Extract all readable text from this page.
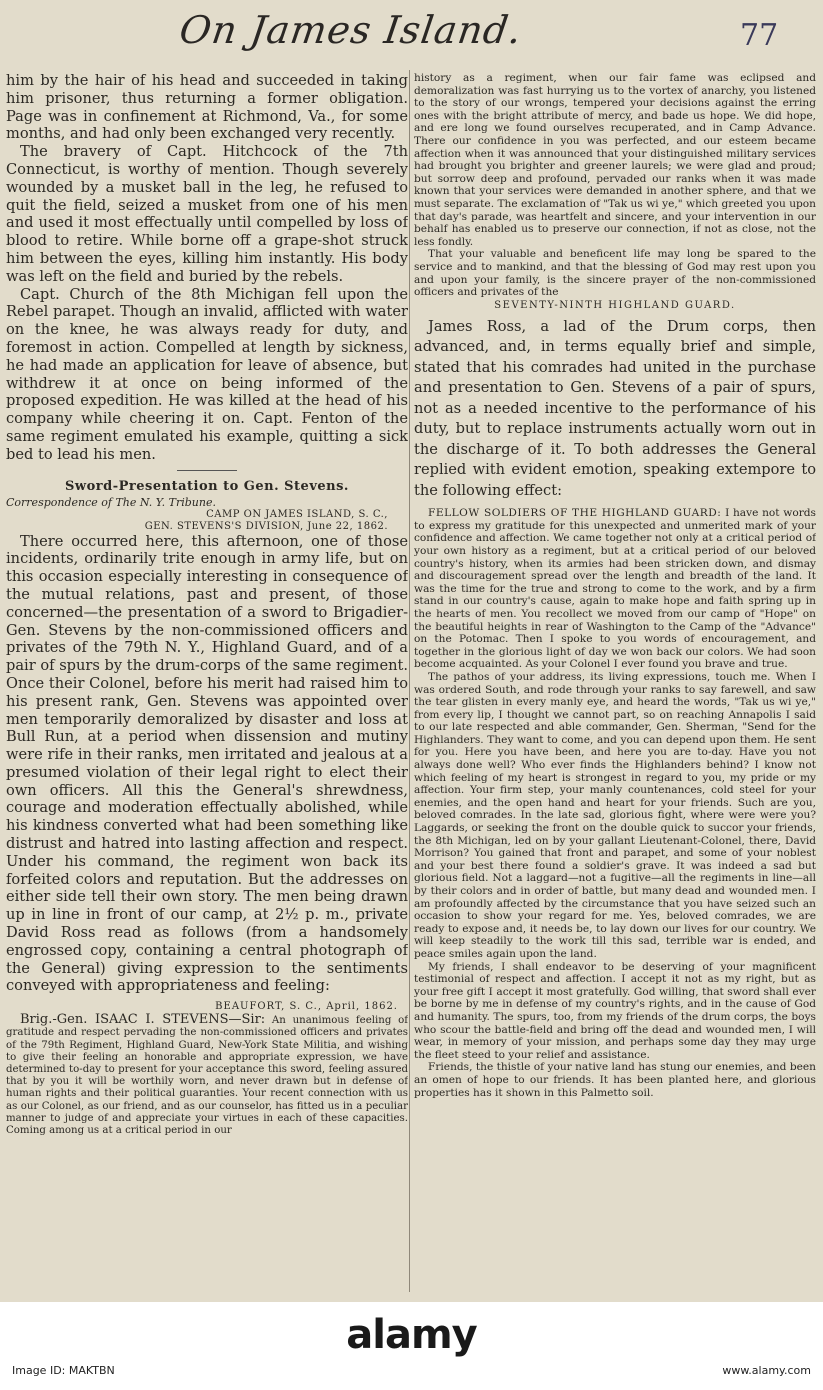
On James Island.	77

him by the hair of his head and succeeded in taking him prisoner, thus returning a former obligation. Page was in confinement at Richmond, Va., for some months, and had only been exchanged very recently.

The bravery of Capt. Hitchcock of the 7th Connecticut, is worthy of mention. Though severely wounded by a musket ball in the leg, he refused to quit the field, seized a musket from one of his men and used it most effectually until compelled by loss of blood to retire. While borne off a grape-shot struck him between the eyes, killing him instantly. His body was left on the field and buried by the rebels.

Capt. Church of the 8th Michigan fell upon the Rebel parapet. Though an invalid, afflicted with water on the knee, he was always ready for duty, and foremost in action. Compelled at length by sickness, he had made an application for leave of absence, but withdrew it at once on being informed of the proposed expedition. He was killed at the head of his company while cheering it on. Capt. Fenton of the same regiment emulated his example, quitting a sick bed to lead his men.

Sword-Presentation to Gen. Stevens.
Correspondence of The N. Y. Tribune.
CAMP ON JAMES ISLAND, S. C.,
GEN. STEVENS'S DIVISION, June 22, 1862.

There occurred here, this afternoon, one of those incidents, ordinarily trite enough in army life, but on this occasion especially interesting in consequence of the mutual relations, past and present, of those concerned—the presentation of a sword to Brigadier-Gen. Stevens by the non-commissioned officers and privates of the 79th N. Y., Highland Guard, and of a pair of spurs by the drum-corps of the same regiment. Once their Colonel, before his merit had raised him to his present rank, Gen. Stevens was appointed over men temporarily demoralized by disaster and loss at Bull Run, at a period when dissension and mutiny were rife in their ranks, men irritated and jealous at a presumed violation of their legal right to elect their own officers. All this the General's shrewdness, courage and moderation effectually abolished, while his kindness converted what had been something like distrust and hatred into lasting affection and respect. Under his command, the regiment won back its forfeited colors and reputation. But the addresses on either side tell their own story. The men being drawn up in line in front of our camp, at 2½ p. m., private David Ross read as follows (from a handsomely engrossed copy, containing a central photograph of the General) giving expression to the sentiments conveyed with appropriateness and feeling:

BEAUFORT, S. C., April, 1862.

Brig.-Gen. ISAAC I. STEVENS—Sir: An unanimous feeling of gratitude and respect pervading the non-commissioned officers and privates of the 79th Regiment, Highland Guard, New-York State Militia, and wishing to give their feeling an honorable and appropriate expression, we have determined to-day to present for your acceptance this sword, feeling assured that by you it will be worthily worn, and never drawn but in defense of human rights and their political guaranties. Your recent connection with us as our Colonel, as our friend, and as our counselor, has fitted us in a peculiar manner to judge of and appreciate your virtues in each of these capacities. Coming among us at a critical period in our

history as a regiment, when our fair fame was eclipsed and demoralization was fast hurrying us to the vortex of anarchy, you listened to the story of our wrongs, tempered your decisions against the erring ones with the bright attribute of mercy, and bade us hope. We did hope, and ere long we found ourselves recuperated, and in Camp Advance. There our confidence in you was perfected, and our esteem became affection when it was announced that your distinguished military services had brought you brighter and greener laurels; we were glad and proud; but sorrow deep and profound, pervaded our ranks when it was made known that your services were demanded in another sphere, and that we must separate. The exclamation of "Tak us wi ye," which greeted you upon that day's parade, was heartfelt and sincere, and your intervention in our behalf has enabled us to preserve our connection, if not as close, not the less fondly.

That your valuable and beneficent life may long be spared to the service and to mankind, and that the blessing of God may rest upon you and upon your family, is the sincere prayer of the non-commissioned officers and privates of the

SEVENTY-NINTH HIGHLAND GUARD.

James Ross, a lad of the Drum corps, then advanced, and, in terms equally brief and simple, stated that his comrades had united in the purchase and presentation to Gen. Stevens of a pair of spurs, not as a needed incentive to the performance of his duty, but to replace instruments actually worn out in the discharge of it. To both addresses the General replied with evident emotion, speaking extempore to the following effect:

FELLOW SOLDIERS OF THE HIGHLAND GUARD: I have not words to express my gratitude for this unexpected and unmerited mark of your confidence and affection. We came together not only at a critical period of your own history as a regiment, but at a critical period of our beloved country's history, when its armies had been stricken down, and dismay and discouragement spread over the length and breadth of the land. It was the time for the true and strong to come to the work, and by a firm stand in our country's cause, again to make hope and faith spring up in the hearts of men. You recollect we moved from our camp of "Hope" on the beautiful heights in rear of Washington to the Camp of the "Advance" on the Potomac. Then I spoke to you words of encouragement, and together in the glorious light of day we won back our colors. We had soon become acquainted. As your Colonel I ever found you brave and true.

The pathos of your address, its living expressions, touch me. When I was ordered South, and rode through your ranks to say farewell, and saw the tear glisten in every manly eye, and heard the words, "Tak us wi ye," from every lip, I thought we cannot part, so on reaching Annapolis I said to our late respected and able commander, Gen. Sherman, "Send for the Highlanders. They want to come, and you can depend upon them. He sent for you. Here you have been, and here you are to-day. Have you not always done well? Who ever finds the Highlanders behind? I know not which feeling of my heart is strongest in regard to you, my pride or my affection. Your firm step, your manly countenances, cold steel for your enemies, and the open hand and heart for your friends. Such are you, beloved comrades. In the late sad, glorious fight, where were were you? Laggards, or seeking the front on the double quick to succor your friends, the 8th Michigan, led on by your gallant Lieutenant-Colonel, there, David Morrison? You gained that front and parapet, and some of your noblest and your best there found a soldier's grave. It was indeed a sad but glorious field. Not a laggard—not a fugitive—all the regiments in line—all by their colors and in order of battle, but many dead and wounded men. I am profoundly affected by the circumstance that you have seized such an occasion to show your regard for me. Yes, beloved comrades, we are ready to expose and, it needs be, to lay down our lives for our country. We will keep steadily to the work till this sad, terrible war is ended, and peace smiles again upon the land.

My friends, I shall endeavor to be deserving of your magnificent testimonial of respect and affection. I accept it not as my right, but as your free gift I accept it most gratefully. God willing, that sword shall ever be borne by me in defense of my country's rights, and in the cause of God and humanity. The spurs, too, from my friends of the drum corps, the boys who scour the battle-field and bring off the dead and wounded men, I will wear, in memory of your mission, and perhaps some day they may urge the fleet steed to your relief and assistance.

Friends, the thistle of your native land has stung our enemies, and been an omen of hope to our friends. It has been planted here, and glorious properties has it shown in this Palmetto soil.

alamy
Image ID: MAKTBN	www.alamy.com
